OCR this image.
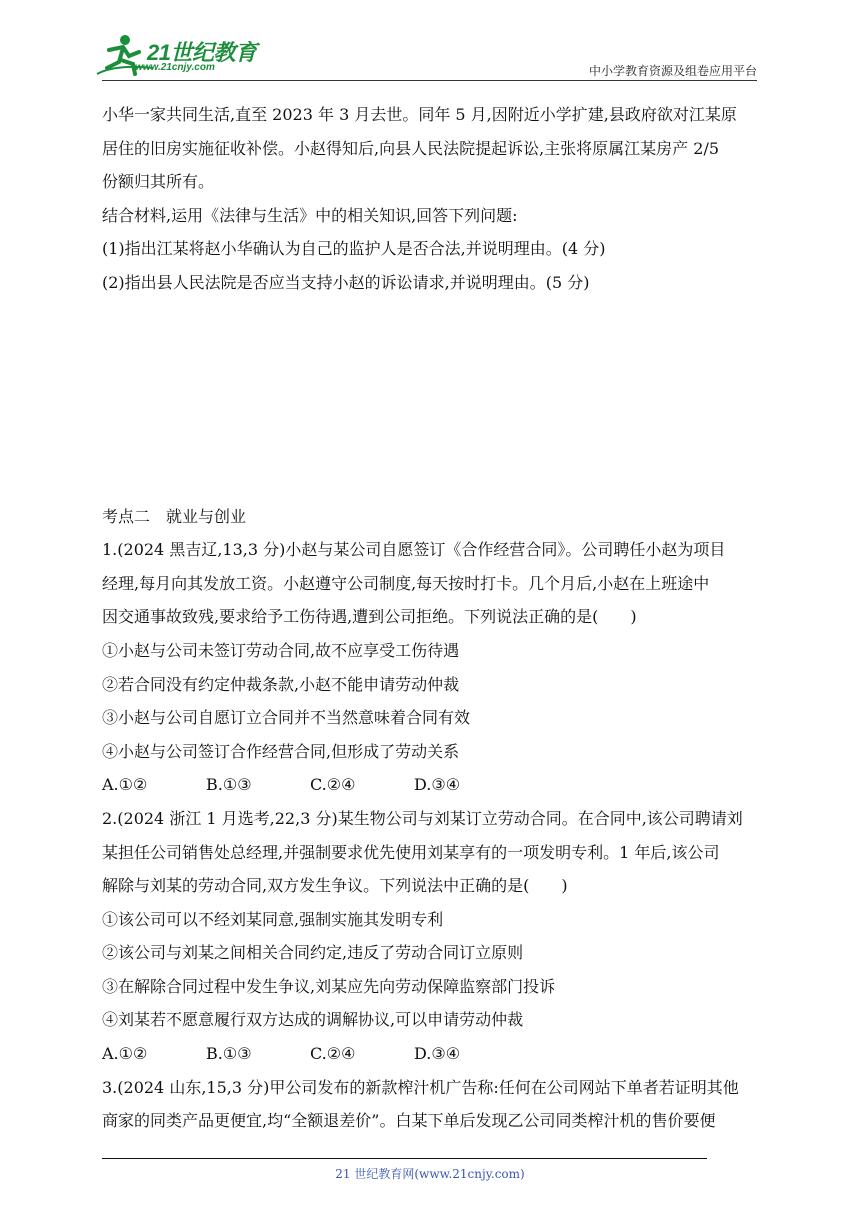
21世纪教育
www.21cnjy.com	中小学教育资源及组卷应用平台

小华一家共同生活,直至 2023 年 3 月去世。同年 5 月,因附近小学扩建,县政府欲对江某原

居住的旧房实施征收补偿。小赵得知后,向县人民法院提起诉讼,主张将原属江某房产 2/5

份额归其所有。

结合材料,运用《法律与生活》中的相关知识,回答下列问题:

(1)指出江某将赵小华确认为自己的监护人是否合法,并说明理由。(4 分)

(2)指出县人民法院是否应当支持小赵的诉讼请求,并说明理由。(5 分)

考点二　就业与创业

1.(2024 黑吉辽,13,3 分)小赵与某公司自愿签订《合作经营合同》。公司聘任小赵为项目

经理,每月向其发放工资。小赵遵守公司制度,每天按时打卡。几个月后,小赵在上班途中

因交通事故致残,要求给予工伤待遇,遭到公司拒绝。下列说法正确的是(　　)

①小赵与公司未签订劳动合同,故不应享受工伤待遇

②若合同没有约定仲裁条款,小赵不能申请劳动仲裁

③小赵与公司自愿订立合同并不当然意味着合同有效

④小赵与公司签订合作经营合同,但形成了劳动关系

A.①②	B.①③	C.②④	D.③④

2.(2024 浙江 1 月选考,22,3 分)某生物公司与刘某订立劳动合同。在合同中,该公司聘请刘

某担任公司销售处总经理,并强制要求优先使用刘某享有的一项发明专利。1 年后,该公司

解除与刘某的劳动合同,双方发生争议。下列说法中正确的是(　　)

①该公司可以不经刘某同意,强制实施其发明专利

②该公司与刘某之间相关合同约定,违反了劳动合同订立原则

③在解除合同过程中发生争议,刘某应先向劳动保障监察部门投诉

④刘某若不愿意履行双方达成的调解协议,可以申请劳动仲裁

A.①②	B.①③	C.②④	D.③④

3.(2024 山东,15,3 分)甲公司发布的新款榨汁机广告称:任何在公司网站下单者若证明其他

商家的同类产品更便宜,均“全额退差价”。白某下单后发现乙公司同类榨汁机的售价要便

21 世纪教育网(www.21cnjy.com)
